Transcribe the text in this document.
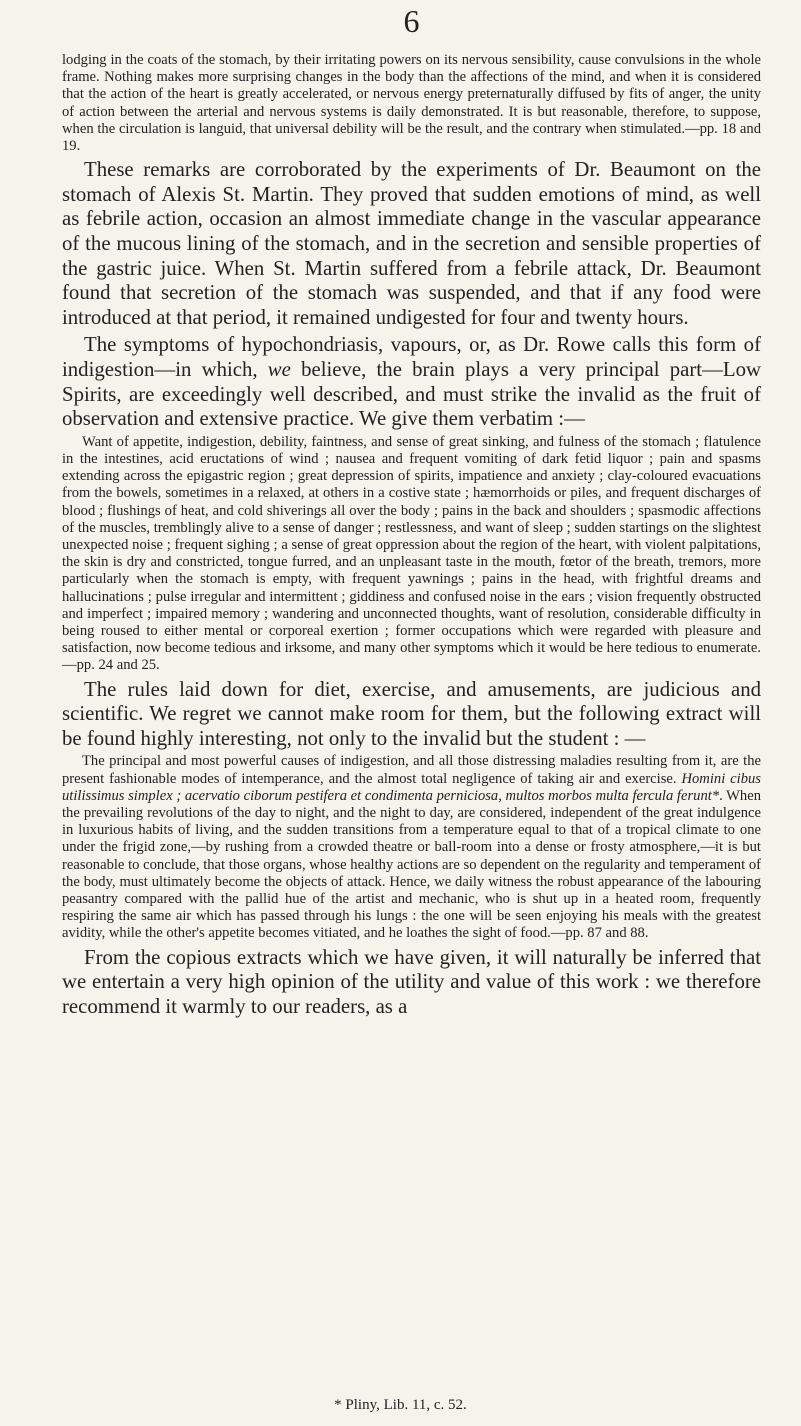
6

lodging in the coats of the stomach, by their irritating powers on its nervous sensibility, cause convulsions in the whole frame. Nothing makes more surprising changes in the body than the affections of the mind, and when it is considered that the action of the heart is greatly accelerated, or nervous energy preternaturally diffused by fits of anger, the unity of action between the arterial and nervous systems is daily demonstrated. It is but reasonable, therefore, to suppose, when the circulation is languid, that universal debility will be the result, and the contrary when stimulated.—pp. 18 and 19.

These remarks are corroborated by the experiments of Dr. Beaumont on the stomach of Alexis St. Martin. They proved that sudden emotions of mind, as well as febrile action, occasion an almost immediate change in the vascular appearance of the mucous lining of the stomach, and in the secretion and sensible properties of the gastric juice. When St. Martin suffered from a febrile attack, Dr. Beaumont found that secretion of the stomach was suspended, and that if any food were introduced at that period, it remained undigested for four and twenty hours.

The symptoms of hypochondriasis, vapours, or, as Dr. Rowe calls this form of indigestion—in which, we believe, the brain plays a very principal part—Low Spirits, are exceedingly well described, and must strike the invalid as the fruit of observation and extensive practice. We give them verbatim :—

Want of appetite, indigestion, debility, faintness, and sense of great sinking, and fulness of the stomach ; flatulence in the intestines, acid eructations of wind ; nausea and frequent vomiting of dark fetid liquor ; pain and spasms extending across the epigastric region ; great depression of spirits, impatience and anxiety ; clay-coloured evacuations from the bowels, sometimes in a relaxed, at others in a costive state ; hæmorrhoids or piles, and frequent discharges of blood ; flushings of heat, and cold shiverings all over the body ; pains in the back and shoulders ; spasmodic affections of the muscles, tremblingly alive to a sense of danger ; restlessness, and want of sleep ; sudden startings on the slightest unexpected noise ; frequent sighing ; a sense of great oppression about the region of the heart, with violent palpitations, the skin is dry and constricted, tongue furred, and an unpleasant taste in the mouth, fœtor of the breath, tremors, more particularly when the stomach is empty, with frequent yawnings ; pains in the head, with frightful dreams and hallucinations ; pulse irregular and intermittent ; giddiness and confused noise in the ears ; vision frequently obstructed and imperfect ; impaired memory ; wandering and unconnected thoughts, want of resolution, considerable difficulty in being roused to either mental or corporeal exertion ; former occupations which were regarded with pleasure and satisfaction, now become tedious and irksome, and many other symptoms which it would be here tedious to enumerate.—pp. 24 and 25.

The rules laid down for diet, exercise, and amusements, are judicious and scientific. We regret we cannot make room for them, but the following extract will be found highly interesting, not only to the invalid but the student : —

The principal and most powerful causes of indigestion, and all those distressing maladies resulting from it, are the present fashionable modes of intemperance, and the almost total negligence of taking air and exercise. Homini cibus utilissimus simplex ; acervatio ciborum pestifera et condimenta perniciosa, multos morbos multa fercula ferunt*. When the prevailing revolutions of the day to night, and the night to day, are considered, independent of the great indulgence in luxurious habits of living, and the sudden transitions from a temperature equal to that of a tropical climate to one under the frigid zone,—by rushing from a crowded theatre or ball-room into a dense or frosty atmosphere,—it is but reasonable to conclude, that those organs, whose healthy actions are so dependent on the regularity and temperament of the body, must ultimately become the objects of attack. Hence, we daily witness the robust appearance of the labouring peasantry compared with the pallid hue of the artist and mechanic, who is shut up in a heated room, frequently respiring the same air which has passed through his lungs : the one will be seen enjoying his meals with the greatest avidity, while the other's appetite becomes vitiated, and he loathes the sight of food.—pp. 87 and 88.

From the copious extracts which we have given, it will naturally be inferred that we entertain a very high opinion of the utility and value of this work : we therefore recommend it warmly to our readers, as a

* Pliny, Lib. 11, c. 52.
